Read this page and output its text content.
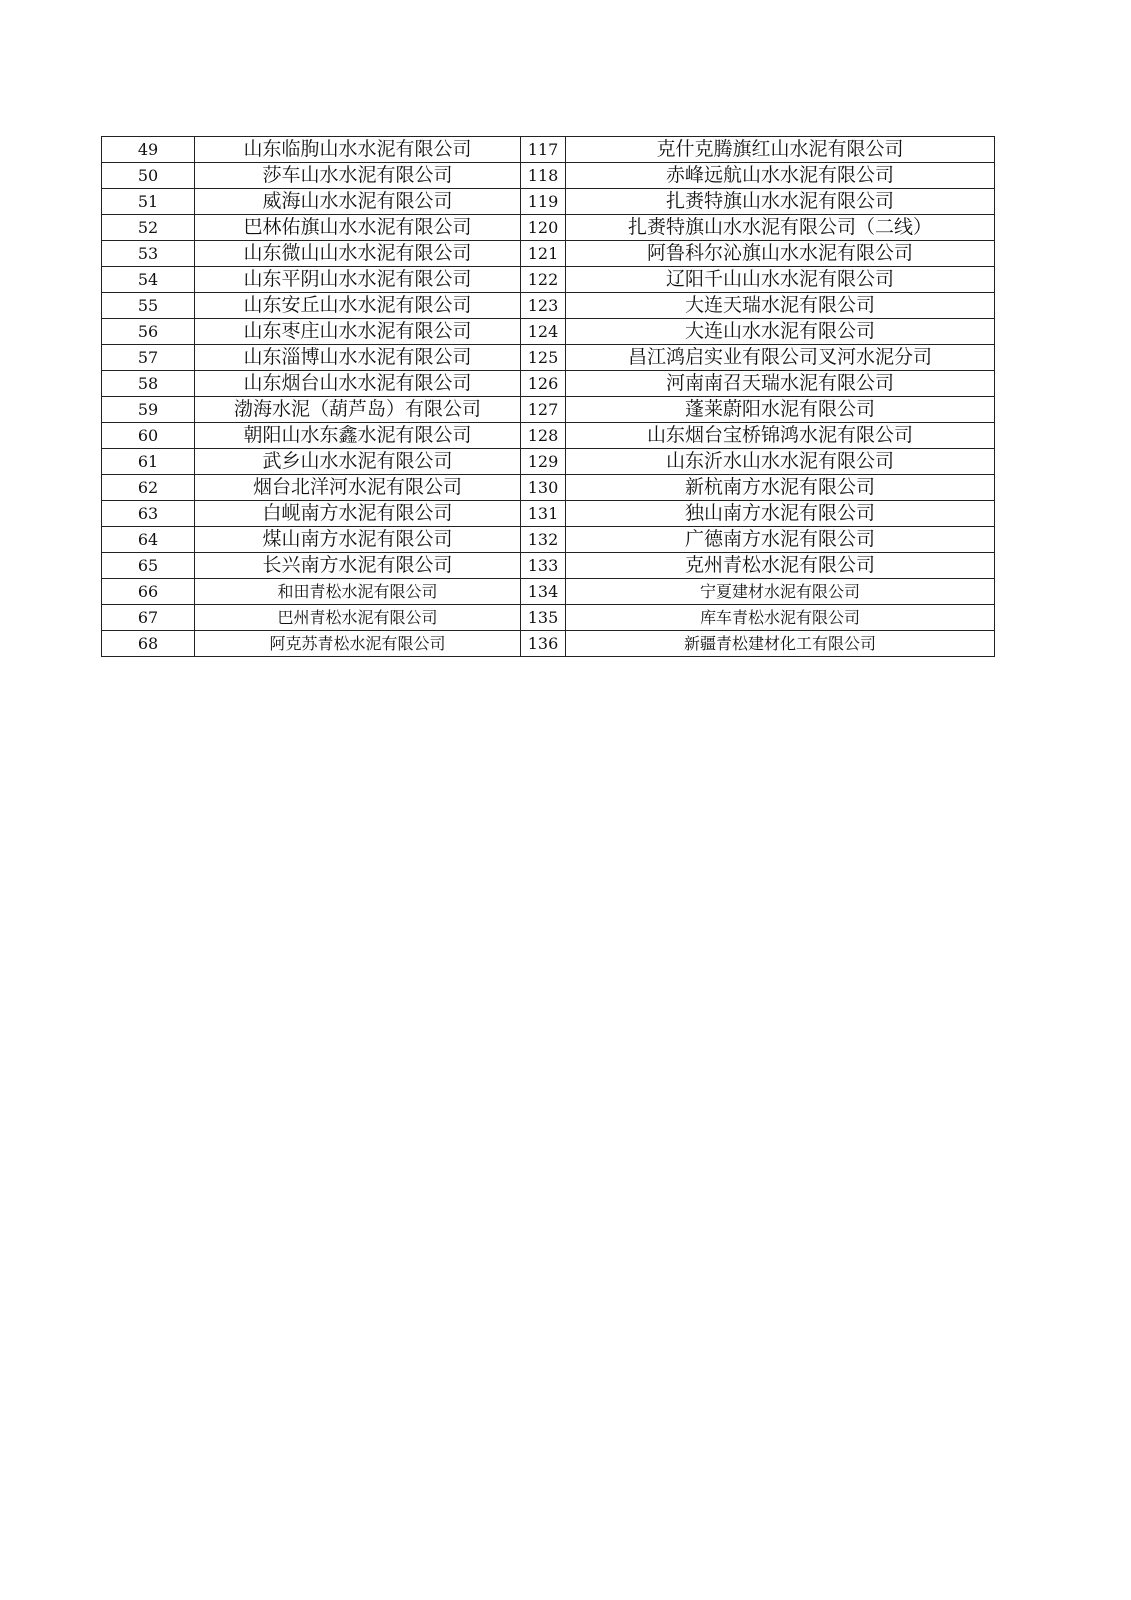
49	山东临朐山水水泥有限公司	117	克什克腾旗红山水泥有限公司
50	莎车山水水泥有限公司	118	赤峰远航山水水泥有限公司
51	威海山水水泥有限公司	119	扎赉特旗山水水泥有限公司
52	巴林佑旗山水水泥有限公司	120	扎赉特旗山水水泥有限公司（二线）
53	山东微山山水水泥有限公司	121	阿鲁科尔沁旗山水水泥有限公司
54	山东平阴山水水泥有限公司	122	辽阳千山山水水泥有限公司
55	山东安丘山水水泥有限公司	123	大连天瑞水泥有限公司
56	山东枣庄山水水泥有限公司	124	大连山水水泥有限公司
57	山东淄博山水水泥有限公司	125	昌江鸿启实业有限公司叉河水泥分司
58	山东烟台山水水泥有限公司	126	河南南召天瑞水泥有限公司
59	渤海水泥（葫芦岛）有限公司	127	蓬莱蔚阳水泥有限公司
60	朝阳山水东鑫水泥有限公司	128	山东烟台宝桥锦鸿水泥有限公司
61	武乡山水水泥有限公司	129	山东沂水山水水泥有限公司
62	烟台北洋河水泥有限公司	130	新杭南方水泥有限公司
63	白岘南方水泥有限公司	131	独山南方水泥有限公司
64	煤山南方水泥有限公司	132	广德南方水泥有限公司
65	长兴南方水泥有限公司	133	克州青松水泥有限公司
66	和田青松水泥有限公司	134	宁夏建材水泥有限公司
67	巴州青松水泥有限公司	135	库车青松水泥有限公司
68	阿克苏青松水泥有限公司	136	新疆青松建材化工有限公司
